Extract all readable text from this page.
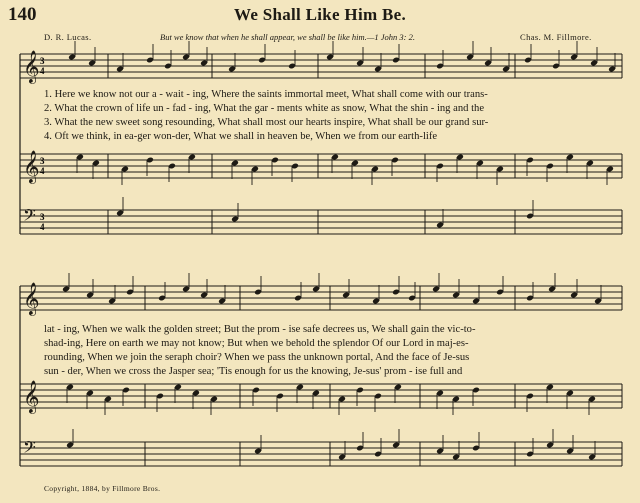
140	We Shall Like Him Be.
D. R. Lucas.	But we know that when he shall appear, we shall be like him.—1 John 3: 2.	Chas. M. Fillmore.
3
4
3
4
3
4
𝄞
𝄞
𝄢
𝄞
𝄞
𝄢
1. Here we know not our a - wait - ing, Where the saints immortal meet, What shall come with our trans-
2. What the crown of life un - fad - ing, What the gar - ments white as snow, What the shin - ing and the
3. What the new sweet song resounding, What shall most our hearts inspire, What shall be our grand sur-
4. Oft we think, in ea-ger won-der, What we shall in heaven be, When we from our earth-life
lat - ing, When we walk the golden street; But the prom - ise safe decrees us, We shall gain the vic-to-
shad-ing, Here on earth we may not know; But when we behold the splendor Of our Lord in maj-es-
rounding, When we join the seraph choir? When we pass the unknown portal, And the face of Je-sus
sun - der, When we cross the Jasper sea; 'Tis enough for us the knowing, Je-sus' prom - ise full and
Copyright, 1884, by Fillmore Bros.
